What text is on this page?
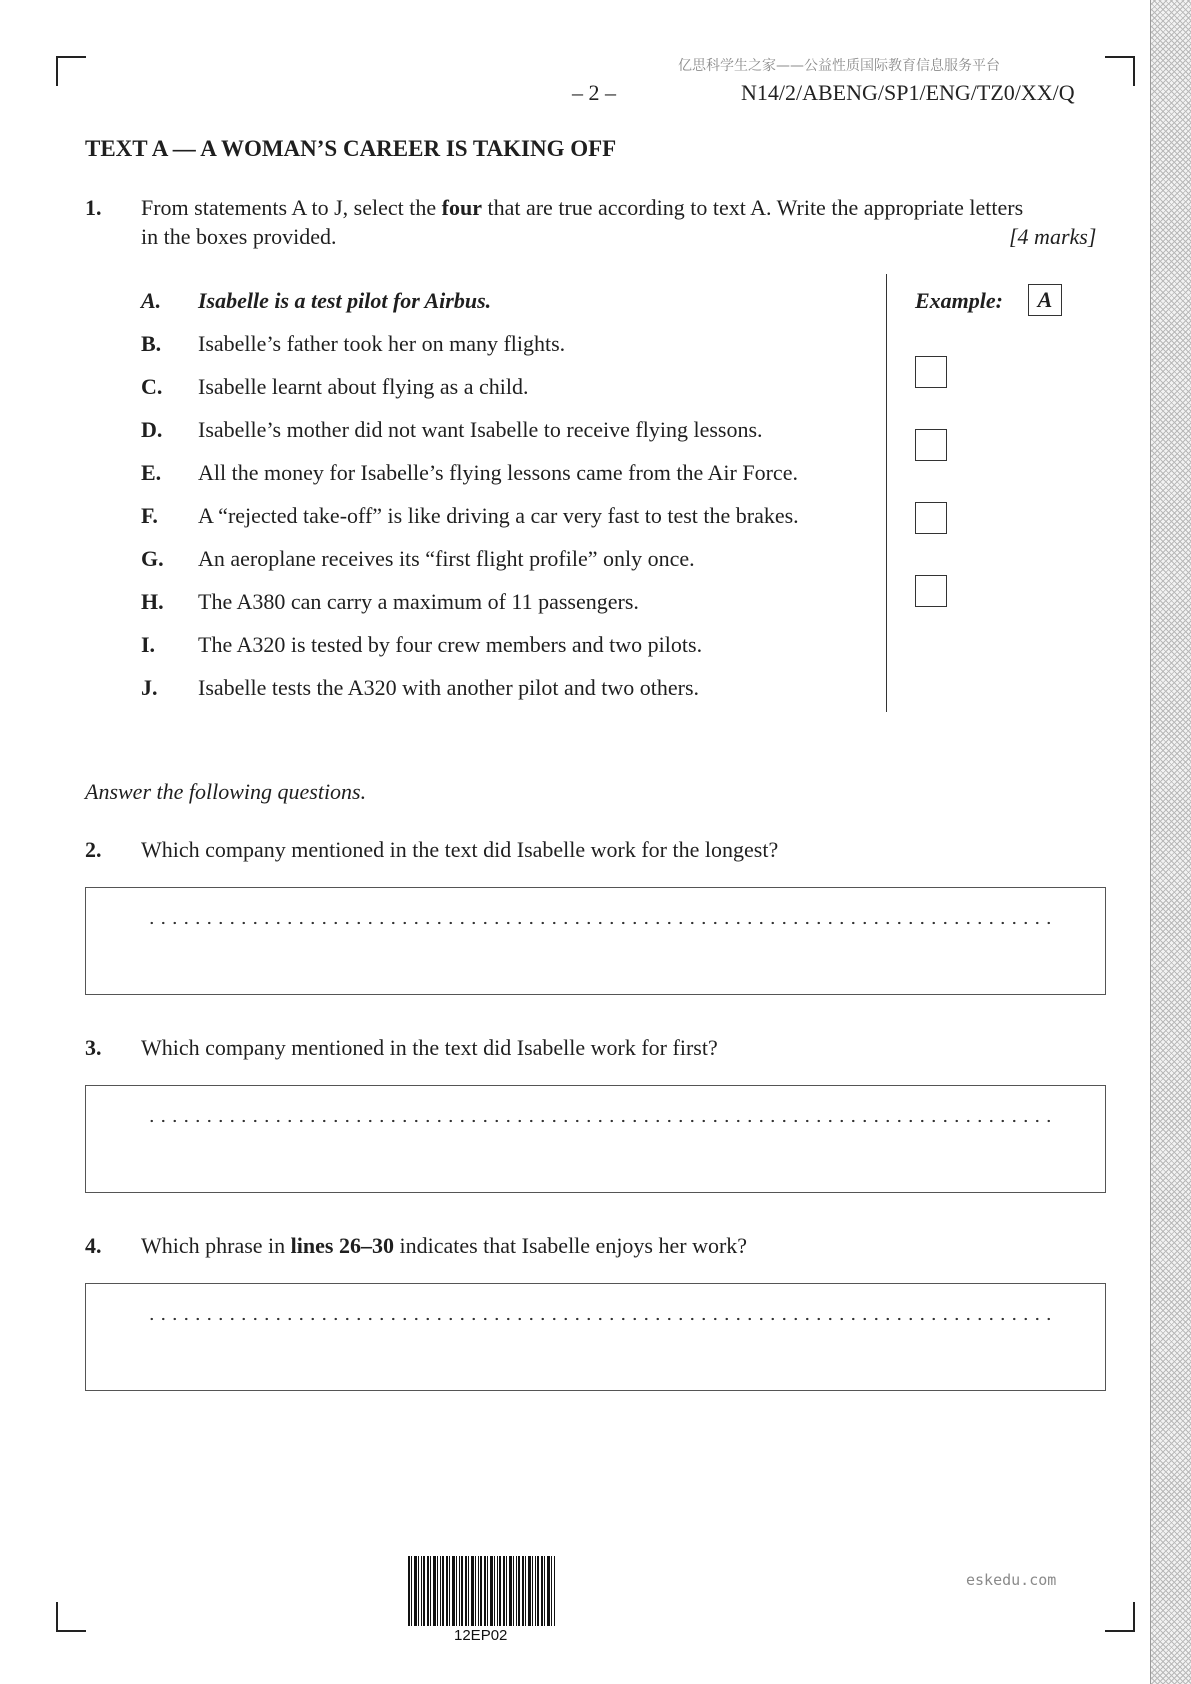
亿思科学生之家——公益性质国际教育信息服务平台
– 2 –	N14/2/ABENG/SP1/ENG/TZ0/XX/Q
TEXT A — A WOMAN’S CAREER IS TAKING OFF
1. From statements A to J, select the four that are true according to text A. Write the appropriate letters
in the boxes provided.	[4 marks]
A. Isabelle is a test pilot for Airbus.
B. Isabelle’s father took her on many flights.
C. Isabelle learnt about flying as a child.
D. Isabelle’s mother did not want Isabelle to receive flying lessons.
E. All the money for Isabelle’s flying lessons came from the Air Force.
F. A “rejected take-off” is like driving a car very fast to test the brakes.
G. An aeroplane receives its “first flight profile” only once.
H. The A380 can carry a maximum of 11 passengers.
I. The A320 is tested by four crew members and two pilots.
J. Isabelle tests the A320 with another pilot and two others.
Example:	A
Answer the following questions.
2. Which company mentioned in the text did Isabelle work for the longest?
3. Which company mentioned in the text did Isabelle work for first?
4. Which phrase in lines 26–30 indicates that Isabelle enjoys her work?
12EP02
eskedu.com
